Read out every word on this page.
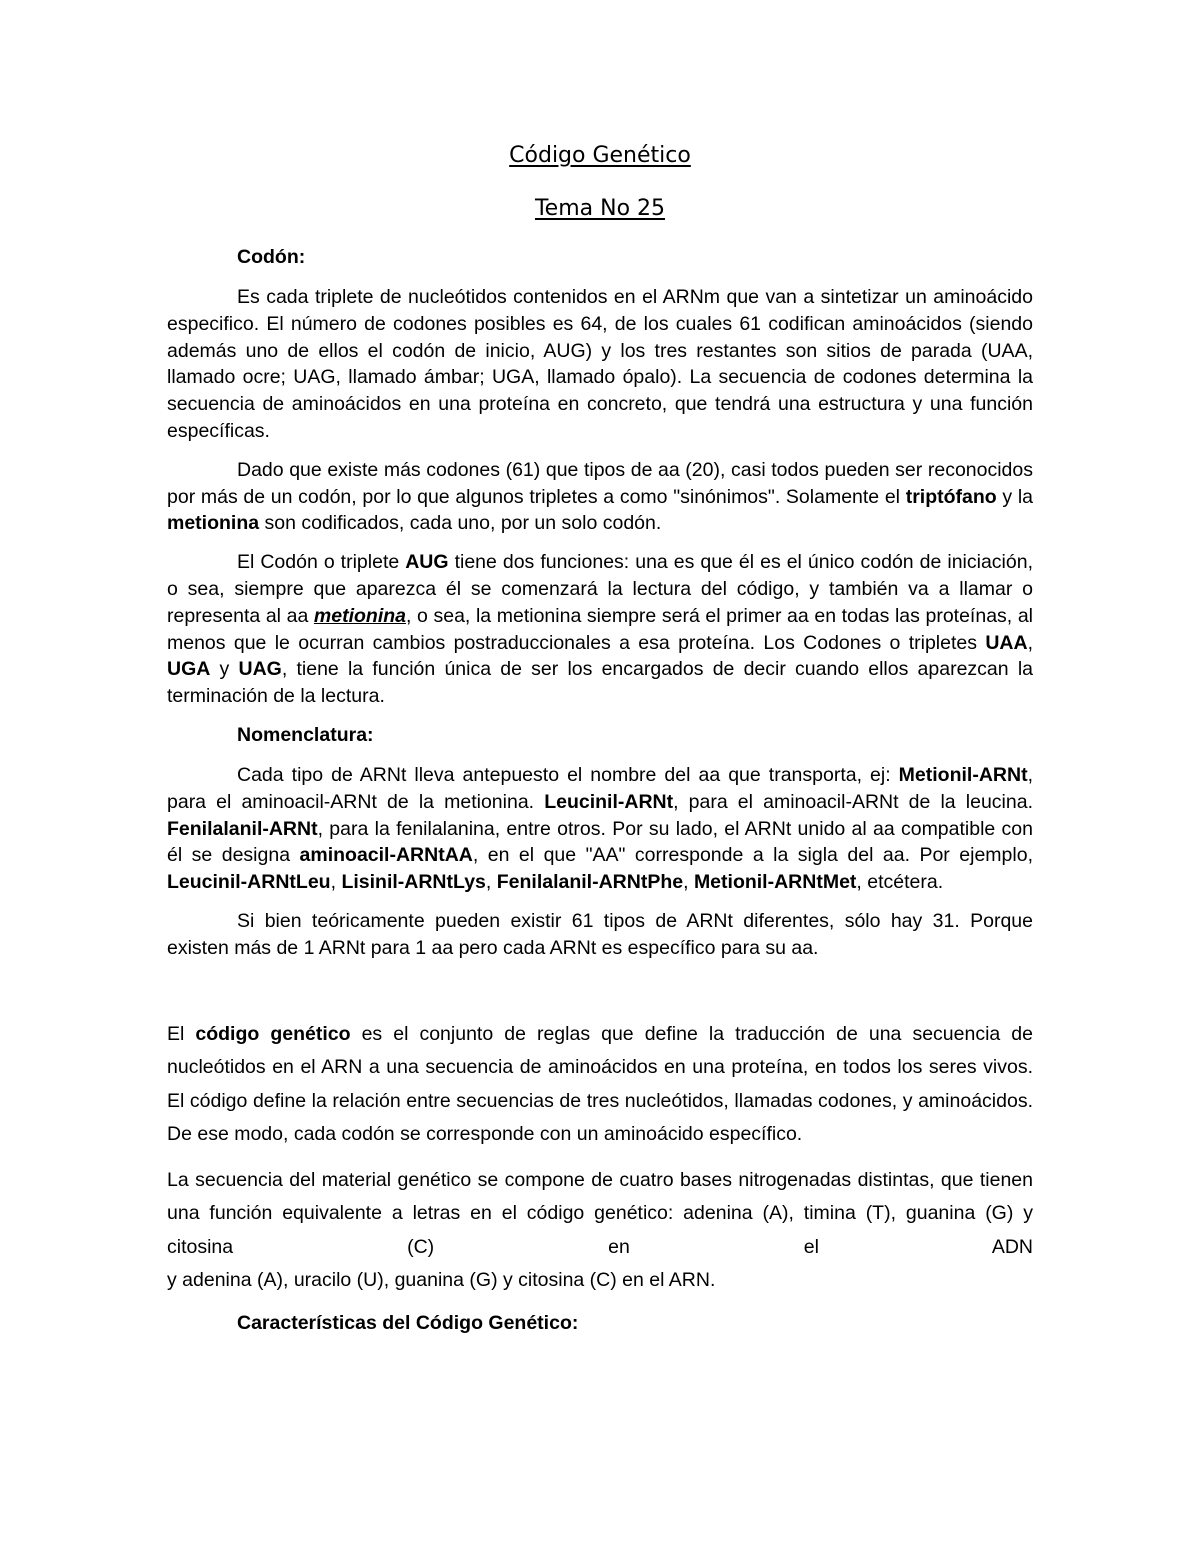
Código Genético
Tema No 25
Codón:

Es cada triplete de nucleótidos contenidos en el ARNm que van a sintetizar un aminoácido especifico. El número de codones posibles es 64, de los cuales 61 codifican aminoácidos (siendo además uno de ellos el codón de inicio, AUG) y los tres restantes son sitios de parada (UAA, llamado ocre; UAG, llamado ámbar; UGA, llamado ópalo). La secuencia de codones determina la secuencia de aminoácidos en una proteína en concreto, que tendrá una estructura y una función específicas.

Dado que existe más codones (61) que tipos de aa (20), casi todos pueden ser reconocidos por más de un codón, por lo que algunos tripletes a como "sinónimos". Solamente el triptófano y la metionina son codificados, cada uno, por un solo codón.

El Codón o triplete AUG tiene dos funciones: una es que él es el único codón de iniciación, o sea, siempre que aparezca él se comenzará la lectura del código, y también va a llamar o representa al aa metionina, o sea, la metionina siempre será el primer aa en todas las proteínas, al menos que le ocurran cambios postraduccionales a esa proteína. Los Codones o tripletes UAA, UGA y UAG, tiene la función única de ser los encargados de decir cuando ellos aparezcan la terminación de la lectura.

Nomenclatura:

Cada tipo de ARNt lleva antepuesto el nombre del aa que transporta, ej: Metionil-ARNt, para el aminoacil-ARNt de la metionina. Leucinil-ARNt, para el aminoacil-ARNt de la leucina. Fenilalanil-ARNt, para la fenilalanina, entre otros. Por su lado, el ARNt unido al aa compatible con él se designa aminoacil-ARNtAA, en el que "AA" corresponde a la sigla del aa. Por ejemplo, Leucinil-ARNtLeu, Lisinil-ARNtLys, Fenilalanil-ARNtPhe, Metionil-ARNtMet, etcétera.

Si bien teóricamente pueden existir 61 tipos de ARNt diferentes, sólo hay 31. Porque existen más de 1 ARNt para 1 aa pero cada ARNt es específico para su aa.

El código genético es el conjunto de reglas que define la traducción de una secuencia de nucleótidos en el ARN a una secuencia de aminoácidos en una proteína, en todos los seres vivos. El código define la relación entre secuencias de tres nucleótidos, llamadas codones, y aminoácidos. De ese modo, cada codón se corresponde con un aminoácido específico.

La secuencia del material genético se compone de cuatro bases nitrogenadas distintas, que tienen una función equivalente a letras en el código genético: adenina (A), timina (T), guanina (G) y citosina (C) en el ADN

y adenina (A), uracilo (U), guanina (G) y citosina (C) en el ARN.

Características del Código Genético:
